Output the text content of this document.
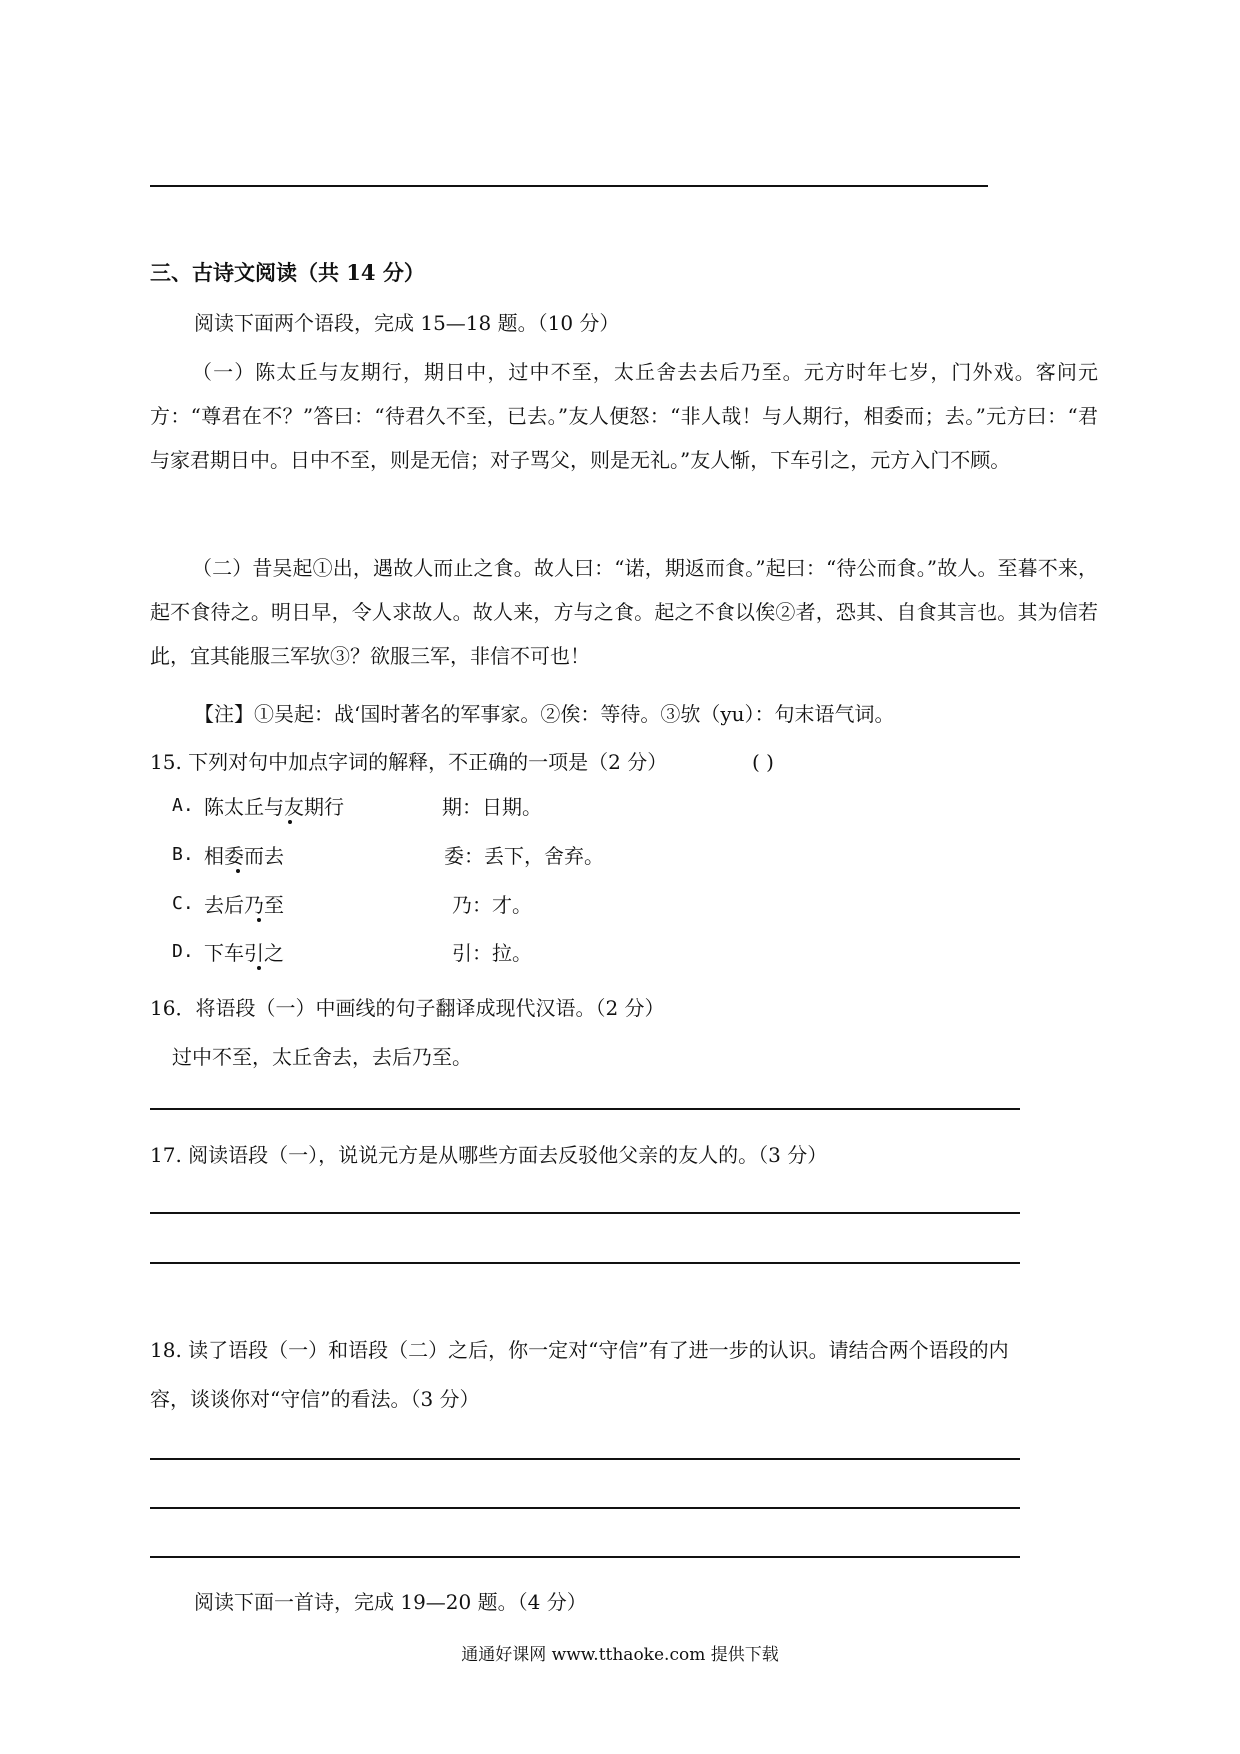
三、古诗文阅读（共 14 分）
阅读下面两个语段，完成 15—18 题。（10 分）
（一）陈太丘与友期行，期日中，过中不至，太丘舍去去后乃至。元方时年七岁，门外戏。客问元方：“尊君在不？”答曰：“待君久不至，已去。”友人便怒：“非人哉！与人期行，相委而；去。”元方曰：“君与家君期日中。日中不至，则是无信；对子骂父，则是无礼。”友人惭，下车引之，元方入门不顾。
（二）昔吴起①出，遇故人而止之食。故人曰：“诺，期返而食。”起曰：“待公而食。”故人。至暮不来，起不食待之。明日早，令人求故人。故人来，方与之食。起之不食以俟②者，恐其、自食其言也。其为信若此，宜其能服三军欤③？欲服三军，非信不可也！
【注】①吴起：战‘国时著名的军事家。②俟：等待。③欤（yu）：句末语气词。
15. 下列对句中加点字词的解释，不正确的一项是（2 分）	( )
A. 陈太丘与友期行	期：日期。
B. 相委而去	委：丢下，舍弃。
C. 去后乃至	乃：才。
D. 下车引之	引：拉。
16．将语段（一）中画线的句子翻译成现代汉语。（2 分）
过中不至，太丘舍去，去后乃至。
17. 阅读语段（一），说说元方是从哪些方面去反驳他父亲的友人的。（3 分）
18. 读了语段（一）和语段（二）之后，你一定对“守信”有了进一步的认识。请结合两个语段的内
容，谈谈你对“守信”的看法。（3 分）
阅读下面一首诗，完成 19—20 题。（4 分）
通通好课网 www.tthaoke.com 提供下载
